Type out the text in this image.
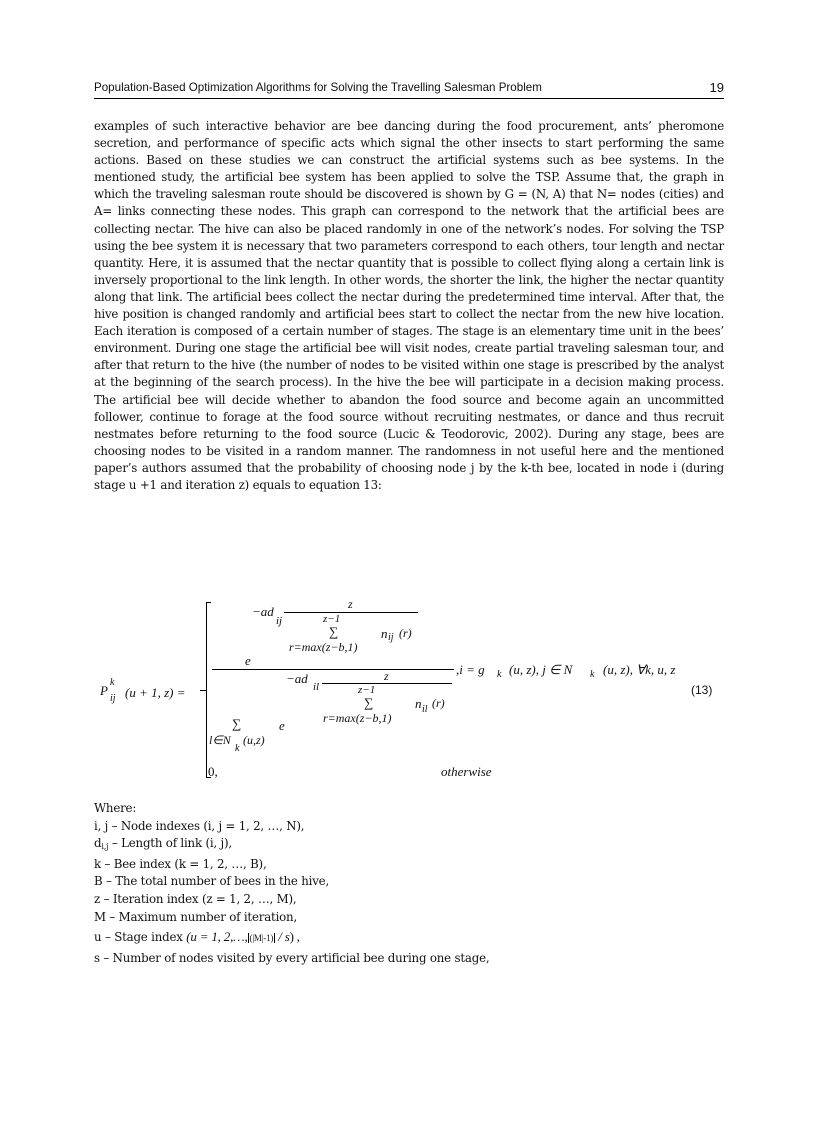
Population-Based Optimization Algorithms for Solving the Travelling Salesman Problem	19

examples of such interactive behavior are bee dancing during the food procurement, ants’ pheromone secretion, and performance of specific acts which signal the other insects to start performing the same actions. Based on these studies we can construct the artificial systems such as bee systems. In the mentioned study, the artificial bee system has been applied to solve the TSP. Assume that, the graph in which the traveling salesman route should be discovered is shown by G = (N, A) that N= nodes (cities) and A= links connecting these nodes. This graph can correspond to the network that the artificial bees are collecting nectar. The hive can also be placed randomly in one of the network’s nodes. For solving the TSP using the bee system it is necessary that two parameters correspond to each others, tour length and nectar quantity. Here, it is assumed that the nectar quantity that is possible to collect flying along a certain link is inversely proportional to the link length. In other words, the shorter the link, the higher the nectar quantity along that link. The artificial bees collect the nectar during the predetermined time interval. After that, the hive position is changed randomly and artificial bees start to collect the nectar from the new hive location. Each iteration is composed of a certain number of stages. The stage is an elementary time unit in the bees’ environment. During one stage the artificial bee will visit nodes, create partial traveling salesman tour, and after that return to the hive (the number of nodes to be visited within one stage is prescribed by the analyst at the beginning of the search process). In the hive the bee will participate in a decision making process. The artificial bee will decide whether to abandon the food source and become again an uncommitted follower, continue to forage at the food source without recruiting nestmates, or dance and thus recruit nestmates before returning to the food source (Lucic & Teodorovic, 2002). During any stage, bees are choosing nodes to be visited in a random manner. The randomness in not useful here and the mentioned paper’s authors assumed that the probability of choosing node j by the k-th bee, located in node i (during stage u +1 and iteration z) equals to equation 13:

P
k
ij (u + 1, z) =
−ad
ij
z
z−1
∑
r=max(z−b,1)
n ij (r)
e
,i = g k (u, z), j ∈ N k (u, z), ∀k, u, z
−ad
il
z
z−1
∑
r=max(z−b,1)
n il (r)
∑	e
l∈N
k
(u,z)
0,	otherwise
(13)
Where:
i, j – Node indexes (i, j = 1, 2, …, N),
$d_{i,j}$ – Length of link (i, j),
k – Bee index (k = 1, 2, …, B),
B – The total number of bees in the hive,
z – Iteration index (z = 1, 2, …, M),
M – Maximum number of iteration,
u – Stage index (u = 1, 2,…, (|M|-1) / s) ,
s – Number of nodes visited by every artificial bee during one stage,
